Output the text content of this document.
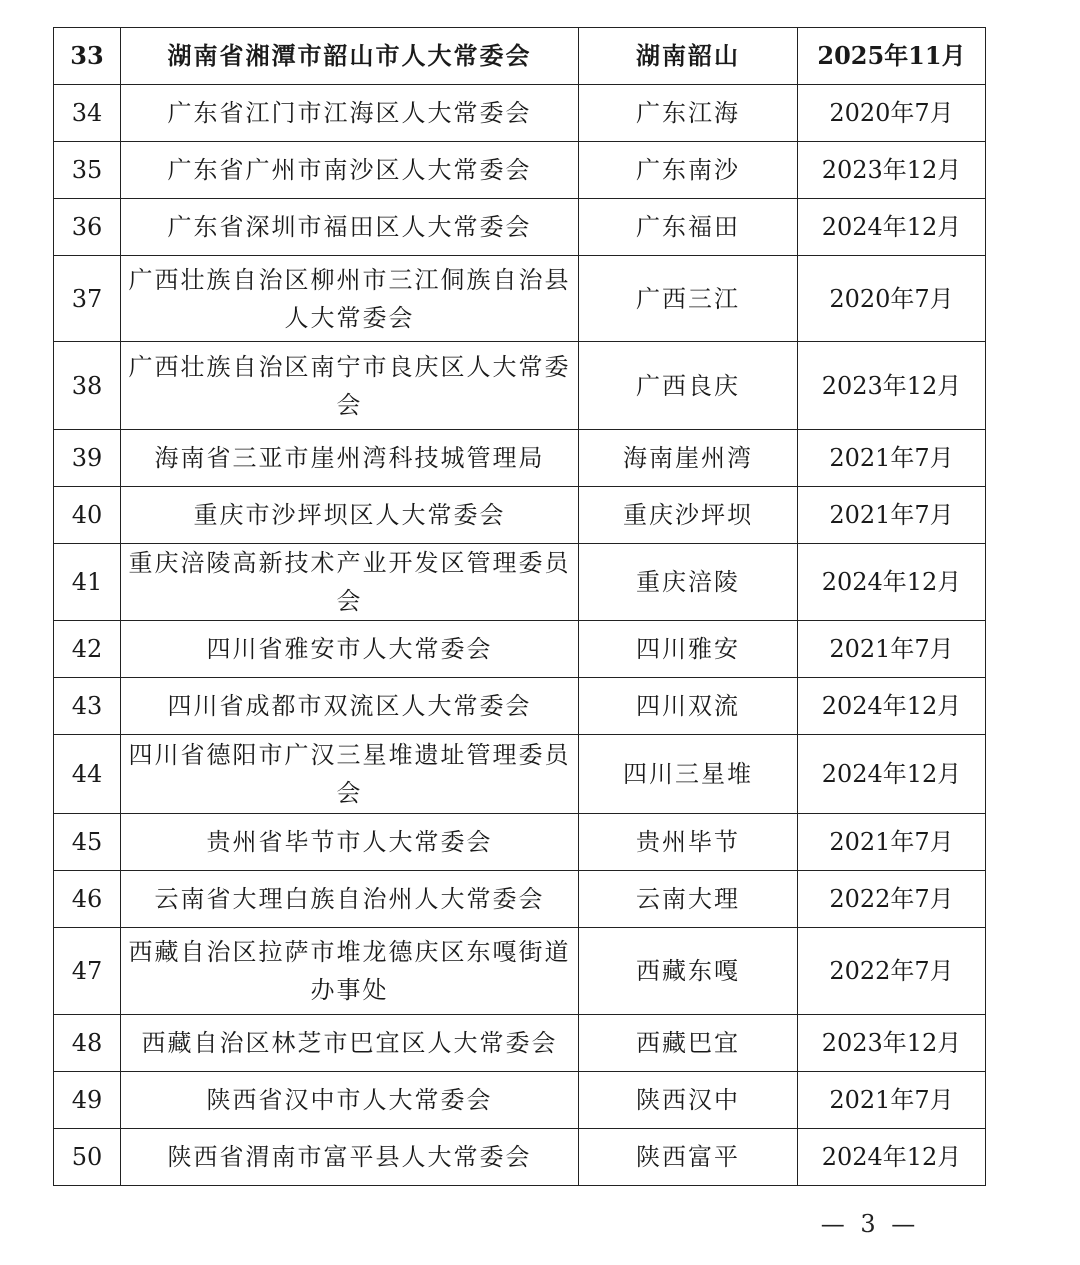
33	湖南省湘潭市韶山市人大常委会	湖南韶山	2025年11月
34	广东省江门市江海区人大常委会	广东江海	2020年7月
35	广东省广州市南沙区人大常委会	广东南沙	2023年12月
36	广东省深圳市福田区人大常委会	广东福田	2024年12月
37	广西壮族自治区柳州市三江侗族自治县人大常委会	广西三江	2020年7月
38	广西壮族自治区南宁市良庆区人大常委会	广西良庆	2023年12月
39	海南省三亚市崖州湾科技城管理局	海南崖州湾	2021年7月
40	重庆市沙坪坝区人大常委会	重庆沙坪坝	2021年7月
41	重庆涪陵高新技术产业开发区管理委员会	重庆涪陵	2024年12月
42	四川省雅安市人大常委会	四川雅安	2021年7月
43	四川省成都市双流区人大常委会	四川双流	2024年12月
44	四川省德阳市广汉三星堆遗址管理委员会	四川三星堆	2024年12月
45	贵州省毕节市人大常委会	贵州毕节	2021年7月
46	云南省大理白族自治州人大常委会	云南大理	2022年7月
47	西藏自治区拉萨市堆龙德庆区东嘎街道办事处	西藏东嘎	2022年7月
48	西藏自治区林芝市巴宜区人大常委会	西藏巴宜	2023年12月
49	陕西省汉中市人大常委会	陕西汉中	2021年7月
50	陕西省渭南市富平县人大常委会	陕西富平	2024年12月
— 3 —
